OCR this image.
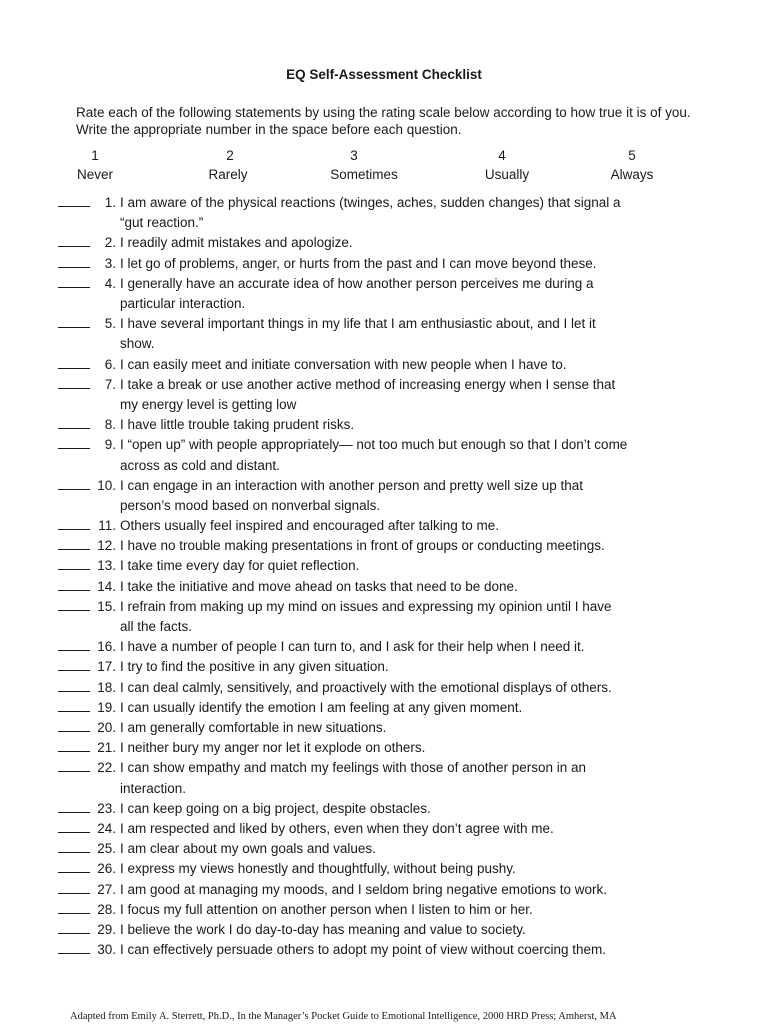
EQ Self-Assessment Checklist
Rate each of the following statements by using the rating scale below according to how true it is of you. Write the appropriate number in the space before each question.
1
Never
2
Rarely
3
Sometimes
4
Usually
5
Always
1. I am aware of the physical reactions (twinges, aches, sudden changes) that signal a
“gut reaction.”
2. I readily admit mistakes and apologize.
3. I let go of problems, anger, or hurts from the past and I can move beyond these.
4. I generally have an accurate idea of how another person perceives me during a
particular interaction.
5. I have several important things in my life that I am enthusiastic about, and I let it
show.
6. I can easily meet and initiate conversation with new people when I have to.
7. I take a break or use another active method of increasing energy when I sense that
my energy level is getting low
8. I have little trouble taking prudent risks.
9. I “open up” with people appropriately— not too much but enough so that I don’t come
across as cold and distant.
10. I can engage in an interaction with another person and pretty well size up that
person’s mood based on nonverbal signals.
11. Others usually feel inspired and encouraged after talking to me.
12. I have no trouble making presentations in front of groups or conducting meetings.
13. I take time every day for quiet reflection.
14. I take the initiative and move ahead on tasks that need to be done.
15. I refrain from making up my mind on issues and expressing my opinion until I have
all the facts.
16. I have a number of people I can turn to, and I ask for their help when I need it.
17. I try to find the positive in any given situation.
18. I can deal calmly, sensitively, and proactively with the emotional displays of others.
19. I can usually identify the emotion I am feeling at any given moment.
20. I am generally comfortable in new situations.
21. I neither bury my anger nor let it explode on others.
22. I can show empathy and match my feelings with those of another person in an
interaction.
23. I can keep going on a big project, despite obstacles.
24. I am respected and liked by others, even when they don’t agree with me.
25. I am clear about my own goals and values.
26. I express my views honestly and thoughtfully, without being pushy.
27. I am good at managing my moods, and I seldom bring negative emotions to work.
28. I focus my full attention on another person when I listen to him or her.
29. I believe the work I do day-to-day has meaning and value to society.
30. I can effectively persuade others to adopt my point of view without coercing them.
Adapted from Emily A. Sterrett, Ph.D., In the Manager’s Pocket Guide to Emotional Intelligence, 2000 HRD Press; Amherst, MA
